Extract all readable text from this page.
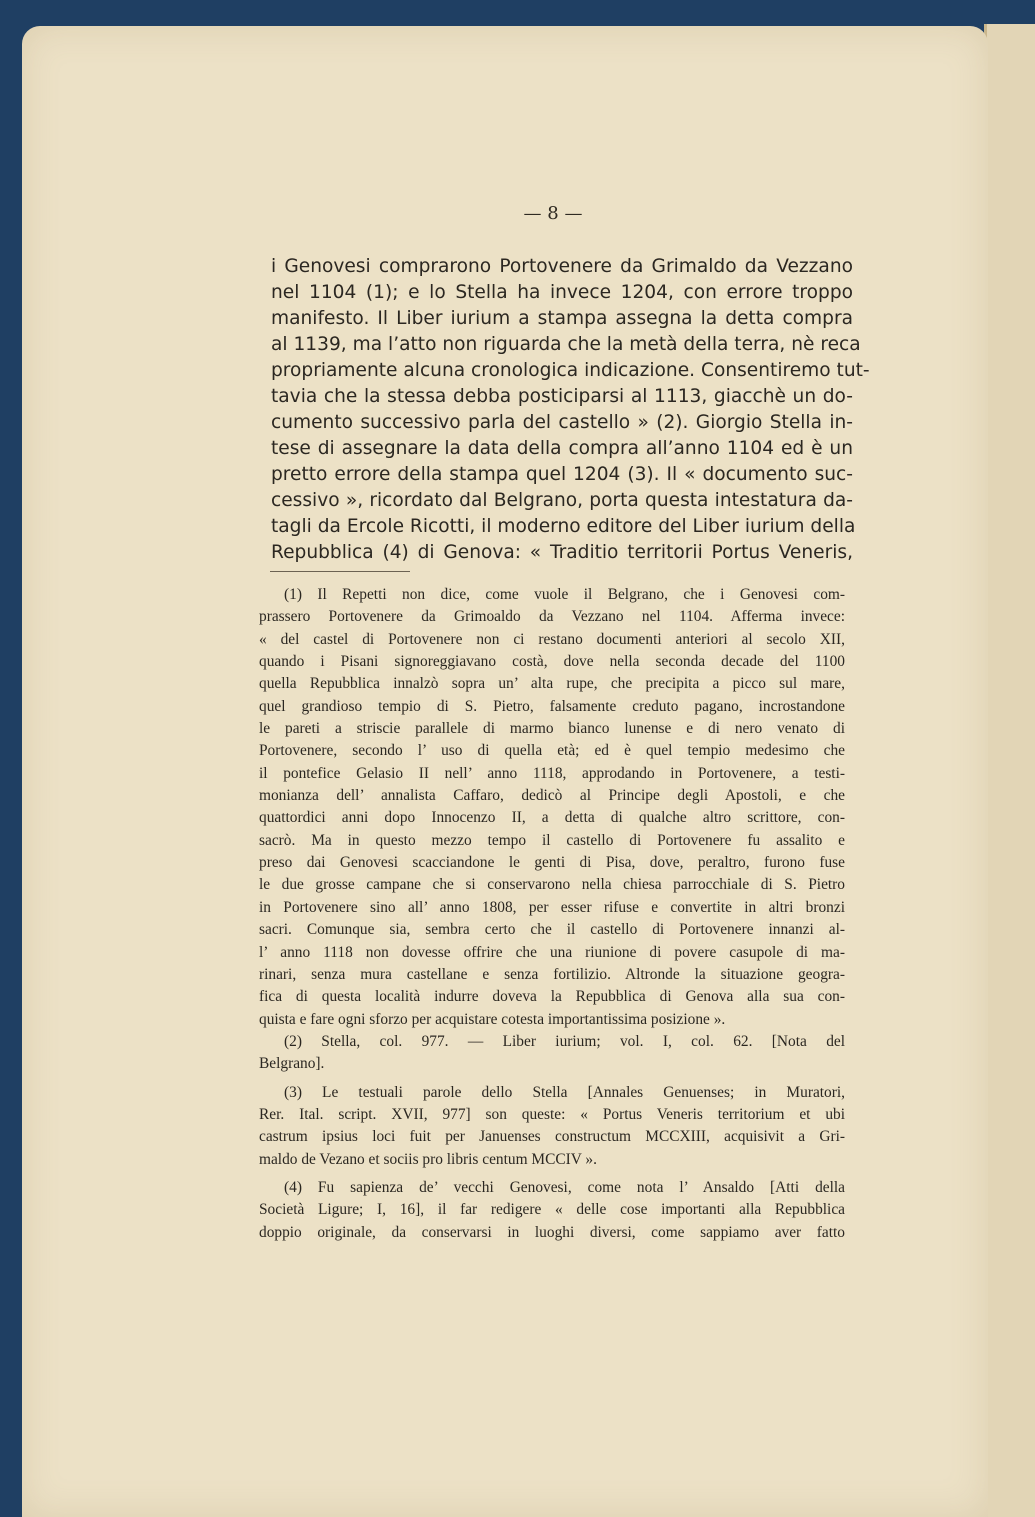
— 8 —
i Genovesi comprarono Portovenere da Grimaldo da Vezzano
nel 1104 (1); e lo Stella ha invece 1204, con errore troppo
manifesto. Il Liber iurium a stampa assegna la detta compra
al 1139, ma l’atto non riguarda che la metà della terra, nè reca
propriamente alcuna cronologica indicazione. Consentiremo tut-
tavia che la stessa debba posticiparsi al 1113, giacchè un do-
cumento successivo parla del castello » (2). Giorgio Stella in-
tese di assegnare la data della compra all’anno 1104 ed è un
pretto errore della stampa quel 1204 (3). Il « documento suc-
cessivo », ricordato dal Belgrano, porta questa intestatura da-
tagli da Ercole Ricotti, il moderno editore del Liber iurium della
Repubblica (4) di Genova: « Traditio territorii Portus Veneris,
(1) Il Repetti non dice, come vuole il Belgrano, che i Genovesi com-
prassero Portovenere da Grimoaldo da Vezzano nel 1104. Afferma invece:
« del castel di Portovenere non ci restano documenti anteriori al secolo XII,
quando i Pisani signoreggiavano costà, dove nella seconda decade del 1100
quella Repubblica innalzò sopra un’ alta rupe, che precipita a picco sul mare,
quel grandioso tempio di S. Pietro, falsamente creduto pagano, incrostandone
le pareti a striscie parallele di marmo bianco lunense e di nero venato di
Portovenere, secondo l’ uso di quella età; ed è quel tempio medesimo che
il pontefice Gelasio II nell’ anno 1118, approdando in Portovenere, a testi-
monianza dell’ annalista Caffaro, dedicò al Principe degli Apostoli, e che
quattordici anni dopo Innocenzo II, a detta di qualche altro scrittore, con-
sacrò. Ma in questo mezzo tempo il castello di Portovenere fu assalito e
preso dai Genovesi scacciandone le genti di Pisa, dove, peraltro, furono fuse
le due grosse campane che si conservarono nella chiesa parrocchiale di S. Pietro
in Portovenere sino all’ anno 1808, per esser rifuse e convertite in altri bronzi
sacri. Comunque sia, sembra certo che il castello di Portovenere innanzi al-
l’ anno 1118 non dovesse offrire che una riunione di povere casupole di ma-
rinari, senza mura castellane e senza fortilizio. Altronde la situazione geogra-
fica di questa località indurre doveva la Repubblica di Genova alla sua con-
quista e fare ogni sforzo per acquistare cotesta importantissima posizione ».
(2) Stella, col. 977. — Liber iurium; vol. I, col. 62. [Nota del
Belgrano].
(3) Le testuali parole dello Stella [Annales Genuenses; in Muratori,
Rer. Ital. script. XVII, 977] son queste: « Portus Veneris territorium et ubi
castrum ipsius loci fuit per Januenses constructum MCCXIII, acquisivit a Gri-
maldo de Vezano et sociis pro libris centum MCCIV ».
(4) Fu sapienza de’ vecchi Genovesi, come nota l’ Ansaldo [Atti della
Società Ligure; I, 16], il far redigere « delle cose importanti alla Repubblica
doppio originale, da conservarsi in luoghi diversi, come sappiamo aver fatto
